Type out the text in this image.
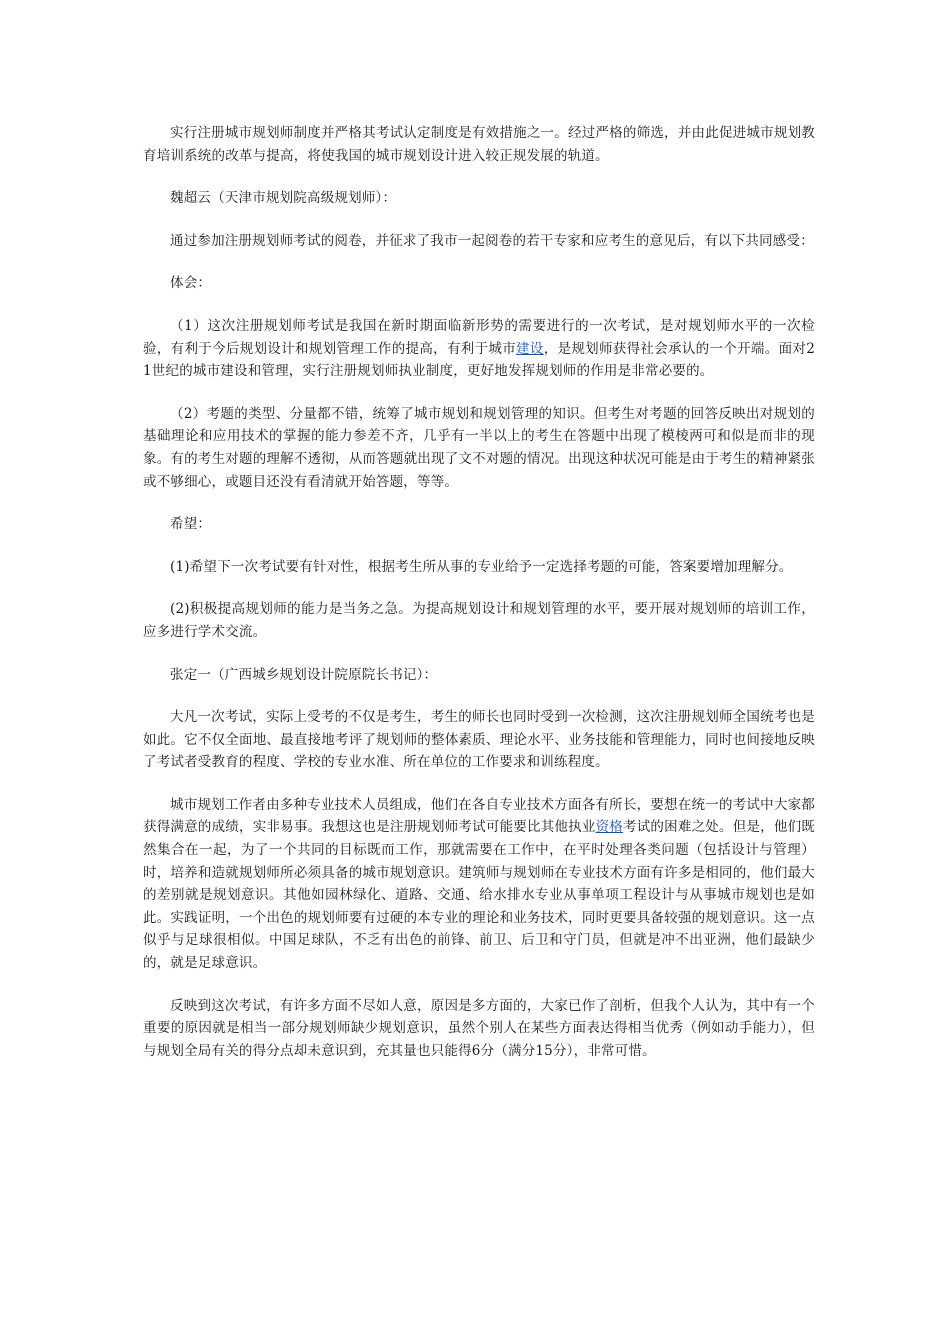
实行注册城市规划师制度并严格其考试认定制度是有效措施之一。经过严格的筛选，并由此促进城市规划教育培训系统的改革与提高，将使我国的城市规划设计进入较正规发展的轨道。

魏超云（天津市规划院高级规划师）：

通过参加注册规划师考试的阅卷，并征求了我市一起阅卷的若干专家和应考生的意见后，有以下共同感受：

体会：

（1）这次注册规划师考试是我国在新时期面临新形势的需要进行的一次考试，是对规划师水平的一次检验，有利于今后规划设计和规划管理工作的提高，有利于城市建设，是规划师获得社会承认的一个开端。面对21世纪的城市建设和管理，实行注册规划师执业制度，更好地发挥规划师的作用是非常必要的。

（2）考题的类型、分量都不错，统筹了城市规划和规划管理的知识。但考生对考题的回答反映出对规划的基础理论和应用技术的掌握的能力参差不齐，几乎有一半以上的考生在答题中出现了模棱两可和似是而非的现象。有的考生对题的理解不透彻，从而答题就出现了文不对题的情况。出现这种状况可能是由于考生的精神紧张或不够细心，或题目还没有看清就开始答题，等等。

希望：

(1)希望下一次考试要有针对性，根据考生所从事的专业给予一定选择考题的可能，答案要增加理解分。

(2)积极提高规划师的能力是当务之急。为提高规划设计和规划管理的水平，要开展对规划师的培训工作，应多进行学术交流。

张定一（广西城乡规划设计院原院长书记）：

大凡一次考试，实际上受考的不仅是考生，考生的师长也同时受到一次检测，这次注册规划师全国统考也是如此。它不仅全面地、最直接地考评了规划师的整体素质、理论水平、业务技能和管理能力，同时也间接地反映了考试者受教育的程度、学校的专业水准、所在单位的工作要求和训练程度。

城市规划工作者由多种专业技术人员组成，他们在各自专业技术方面各有所长，要想在统一的考试中大家都获得满意的成绩，实非易事。我想这也是注册规划师考试可能要比其他执业资格考试的困难之处。但是，他们既然集合在一起，为了一个共同的目标既而工作，那就需要在工作中，在平时处理各类问题（包括设计与管理）时，培养和造就规划师所必须具备的城市规划意识。建筑师与规划师在专业技术方面有许多是相同的，他们最大的差别就是规划意识。其他如园林绿化、道路、交通、给水排水专业从事单项工程设计与从事城市规划也是如此。实践证明，一个出色的规划师要有过硬的本专业的理论和业务技术，同时更要具备较强的规划意识。这一点似乎与足球很相似。中国足球队，不乏有出色的前锋、前卫、后卫和守门员，但就是冲不出亚洲，他们最缺少的，就是足球意识。

反映到这次考试，有许多方面不尽如人意，原因是多方面的，大家已作了剖析，但我个人认为，其中有一个重要的原因就是相当一部分规划师缺少规划意识，虽然个别人在某些方面表达得相当优秀（例如动手能力），但与规划全局有关的得分点却未意识到，充其量也只能得6分（满分15分），非常可惜。
